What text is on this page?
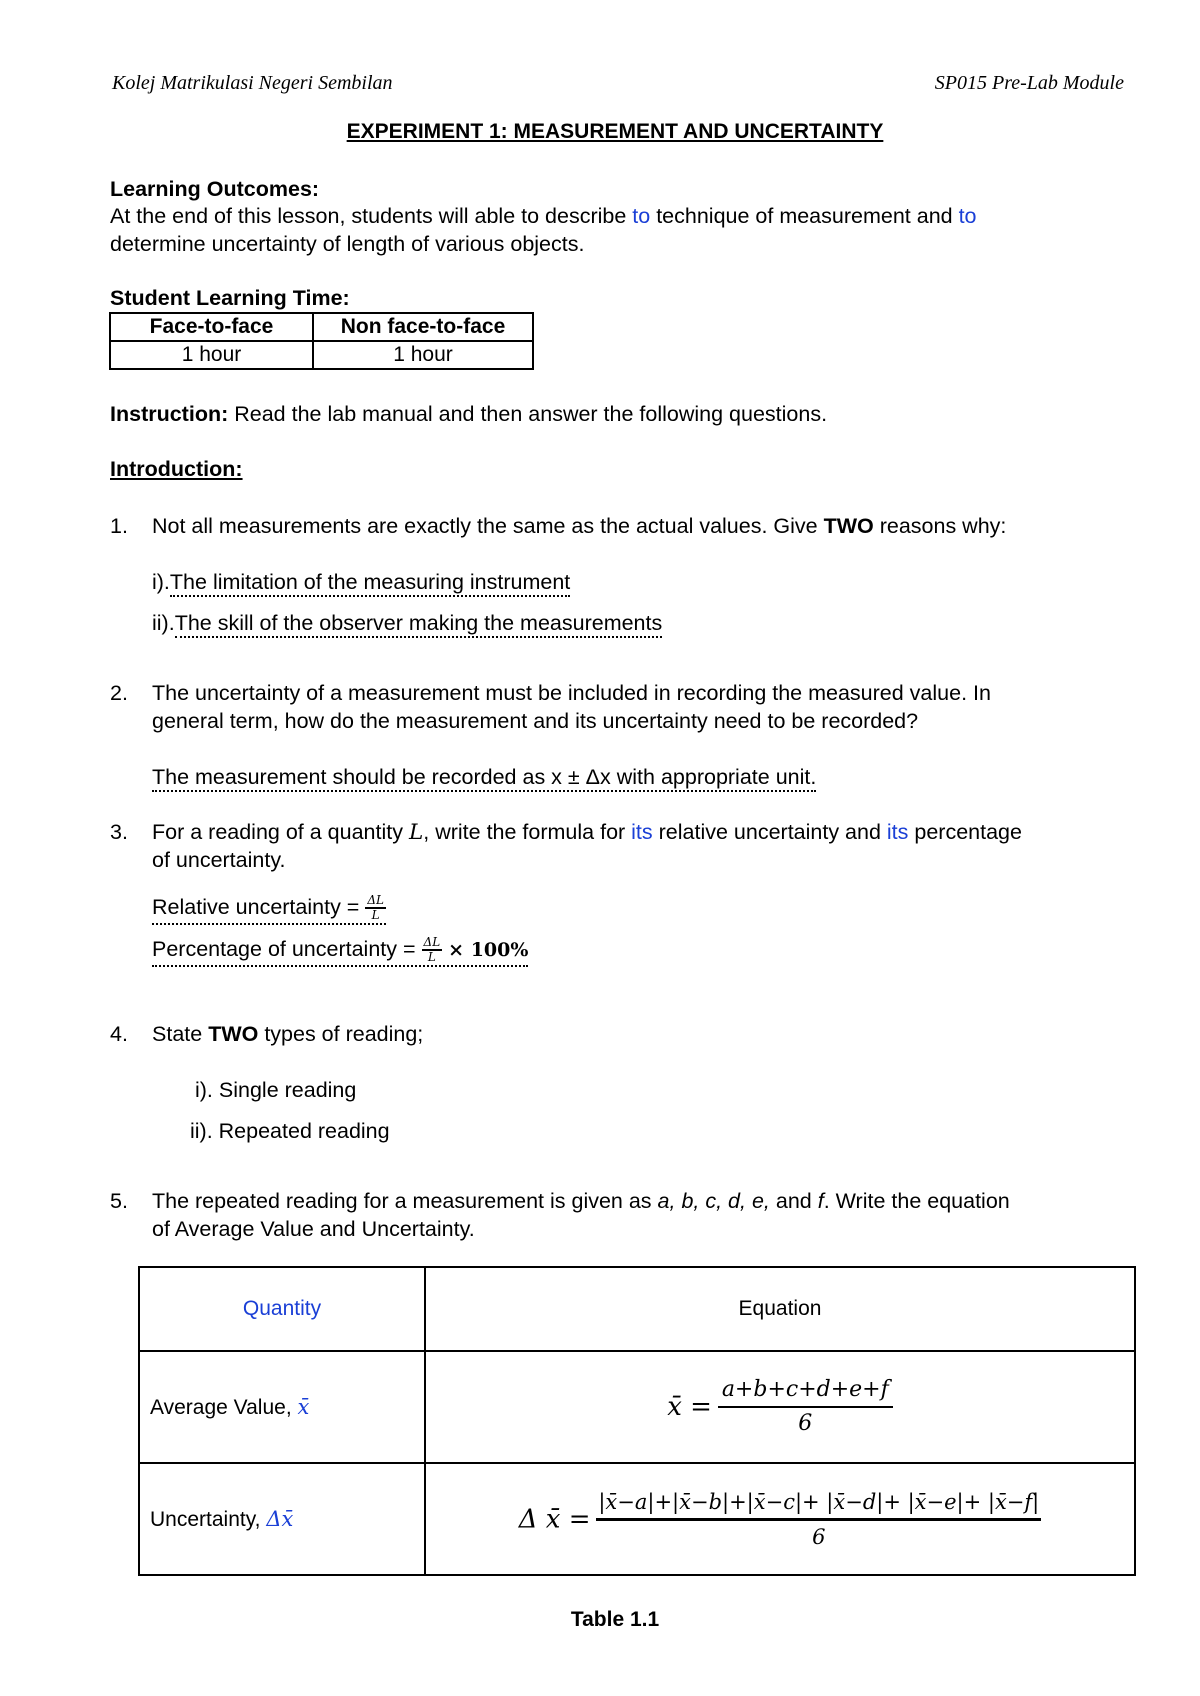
Kolej Matrikulasi Negeri Sembilan	SP015 Pre-Lab Module
EXPERIMENT 1: MEASUREMENT AND UNCERTAINTY
Learning Outcomes:
At the end of this lesson, students will able to describe to technique of measurement and to
determine uncertainty of length of various objects.
Student Learning Time:
Face-to-face	Non face-to-face
1 hour	1 hour
Instruction: Read the lab manual and then answer the following questions.
Introduction:
1. Not all measurements are exactly the same as the actual values. Give TWO reasons why:
i).The limitation of the measuring instrument
ii).The skill of the observer making the measurements
2. The uncertainty of a measurement must be included in recording the measured value. In
general term, how do the measurement and its uncertainty need to be recorded?
The measurement should be recorded as x ± Δx with appropriate unit.
3. For a reading of a quantity L, write the formula for its relative uncertainty and its percentage
of uncertainty.
Relative uncertainty = $\frac{\Delta L}{L}$
Percentage of uncertainty = $\frac{\Delta L}{L} \times 100\%$
4. State TWO types of reading;
i). Single reading
ii). Repeated reading
5. The repeated reading for a measurement is given as a, b, c, d, e, and f. Write the equation
of Average Value and Uncertainty.
Quantity	Equation
Average Value, x̄	x̄ = $\frac{a+b+c+d+e+f}{6}$

Uncertainty, Δx̄	Δ x̄ = $\frac{|x̄-a|+|x̄-b|+|x̄-c|+ |x̄-d|+ |x̄-e|+ |x̄-f|}{6}$
Table 1.1
